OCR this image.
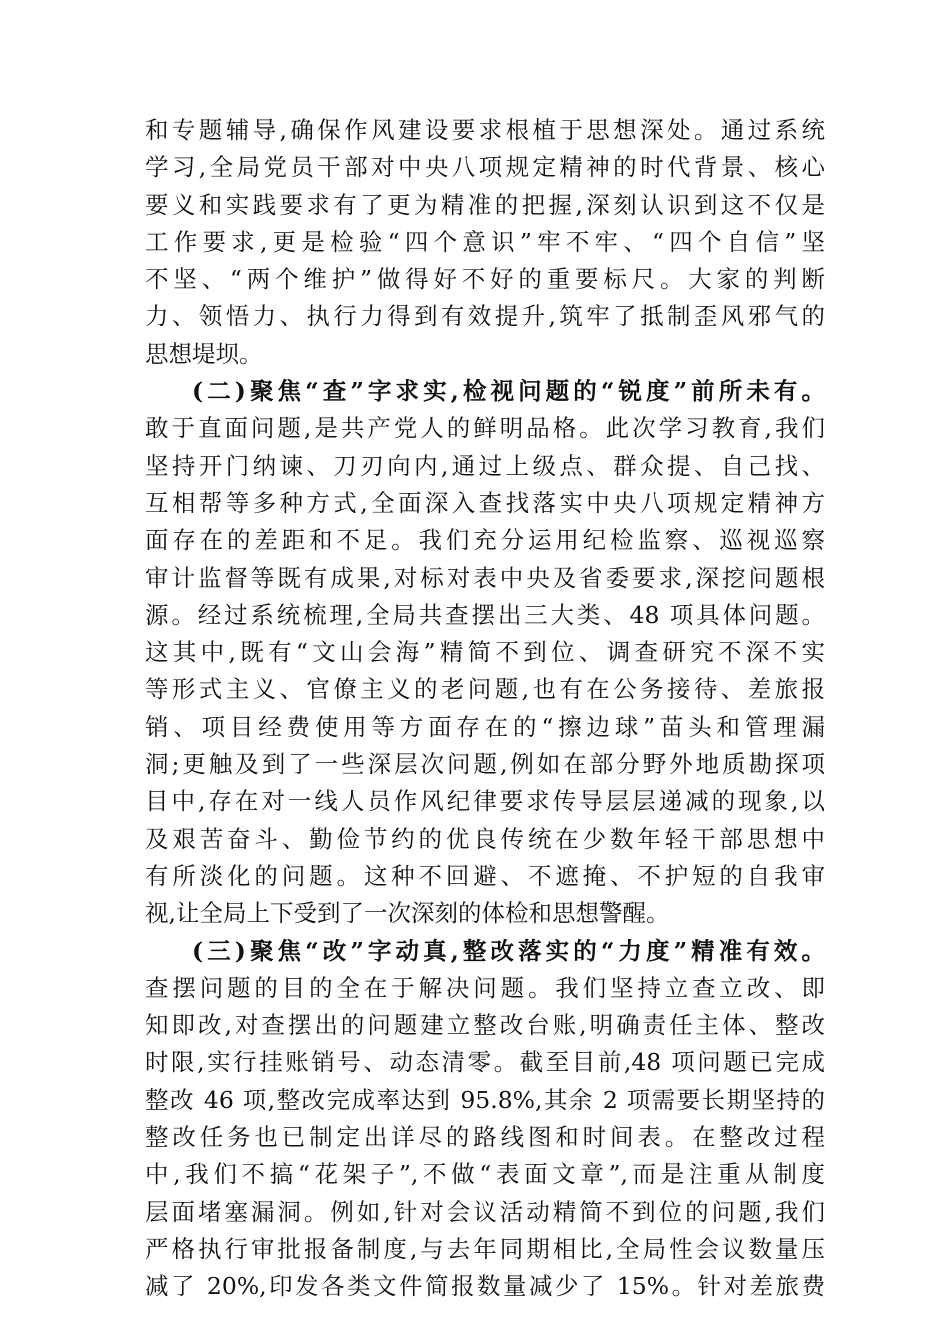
和专题辅导,确保作风建设要求根植于思想深处。通过系统
学习,全局党员干部对中央八项规定精神的时代背景、核心
要义和实践要求有了更为精准的把握,深刻认识到这不仅是
工作要求,更是检验“四个意识”牢不牢、“四个自信”坚
不坚、“两个维护”做得好不好的重要标尺。大家的判断
力、领悟力、执行力得到有效提升,筑牢了抵制歪风邪气的
思想堤坝。
(二)聚焦“查”字求实,检视问题的“锐度”前所未有。
敢于直面问题,是共产党人的鲜明品格。此次学习教育,我们
坚持开门纳谏、刀刃向内,通过上级点、群众提、自己找、
互相帮等多种方式,全面深入查找落实中央八项规定精神方
面存在的差距和不足。我们充分运用纪检监察、巡视巡察
审计监督等既有成果,对标对表中央及省委要求,深挖问题根
源。经过系统梳理,全局共查摆出三大类、48 项具体问题。
这其中,既有“文山会海”精简不到位、调查研究不深不实
等形式主义、官僚主义的老问题,也有在公务接待、差旅报
销、项目经费使用等方面存在的“擦边球”苗头和管理漏
洞;更触及到了一些深层次问题,例如在部分野外地质勘探项
目中,存在对一线人员作风纪律要求传导层层递减的现象,以
及艰苦奋斗、勤俭节约的优良传统在少数年轻干部思想中
有所淡化的问题。这种不回避、不遮掩、不护短的自我审
视,让全局上下受到了一次深刻的体检和思想警醒。
(三)聚焦“改”字动真,整改落实的“力度”精准有效。
查摆问题的目的全在于解决问题。我们坚持立查立改、即
知即改,对查摆出的问题建立整改台账,明确责任主体、整改
时限,实行挂账销号、动态清零。截至目前,48 项问题已完成
整改 46 项,整改完成率达到 95.8%,其余 2 项需要长期坚持的
整改任务也已制定出详尽的路线图和时间表。在整改过程
中,我们不搞“花架子”,不做“表面文章”,而是注重从制度
层面堵塞漏洞。例如,针对会议活动精简不到位的问题,我们
严格执行审批报备制度,与去年同期相比,全局性会议数量压
减了 20%,印发各类文件简报数量减少了 15%。针对差旅费
